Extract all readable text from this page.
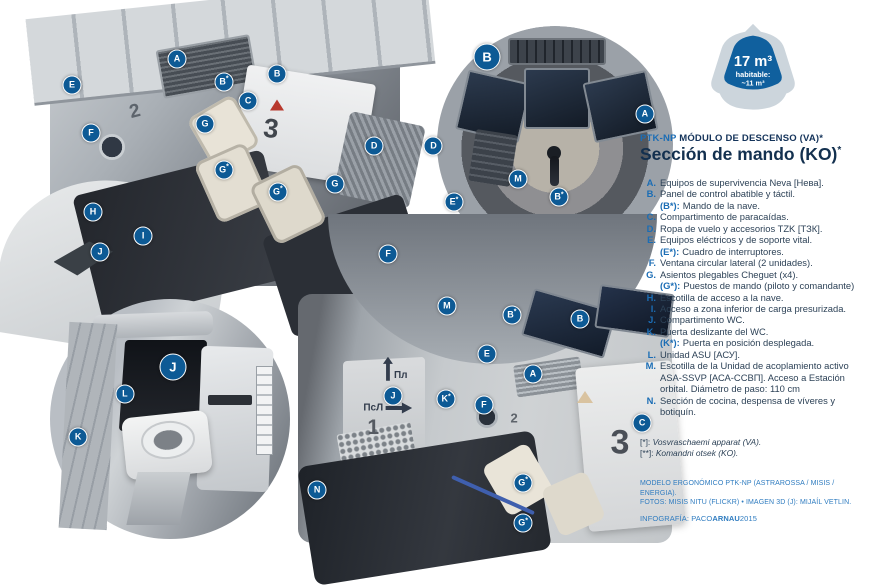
A
E	B*
B
C
F
G
D
G*
G
G*
H
I
J	F
2
3
B
A
D
M
B*
E*
J
L
K
M
B*
B
E
A
J	K*
F
C
G*
G*
N
Пл
ПсЛ
1	2
3
17 m³
habitable:
~11 m³
PTK-NP MÓDULO DE DESCENSO (VA)*
Sección de mando (KO)*
A. Equipos de supervivencia Neva [Нева].
B. Panel de control abatible y táctil.
(B*): Mando de la nave.
C. Compartimento de paracaídas.
D. Ropa de vuelo y accesorios TZK [ТЗК].
E. Equipos eléctricos y de soporte vital.
(E*): Cuadro de interruptores.
F. Ventana circular lateral (2 unidades).
G. Asientos plegables Cheguet (x4).
(G*): Puestos de mando (piloto y comandante)
H. Escotilla de acceso a la nave.
I. Acceso a zona inferior de carga presurizada.
J. Compartimento WC.
K. Puerta deslizante del WC.
(K*): Puerta en posición desplegada.
L. Unidad ASU [АСУ].
M. Escotilla de la Unidad de acoplamiento activo ASA-SSVP [АСА-ССВП]. Acceso a Estación orbital. Diámetro de paso: 110 cm
N. Sección de cocina, despensa de víveres y botiquín.
[*]: Vosvraschaemi apparat (VA).
[**]: Komandni otsek (KO).
MODELO ERGONÓMICO PTK-NP (ASTRAROSSA / MISIS / ENERGIA).
FOTOS: MISIS NITU (FLICKR) • IMAGEN 3D (J): MIJAÍL VETLIN.
INFOGRAFÍA: PACOARNAU2015
